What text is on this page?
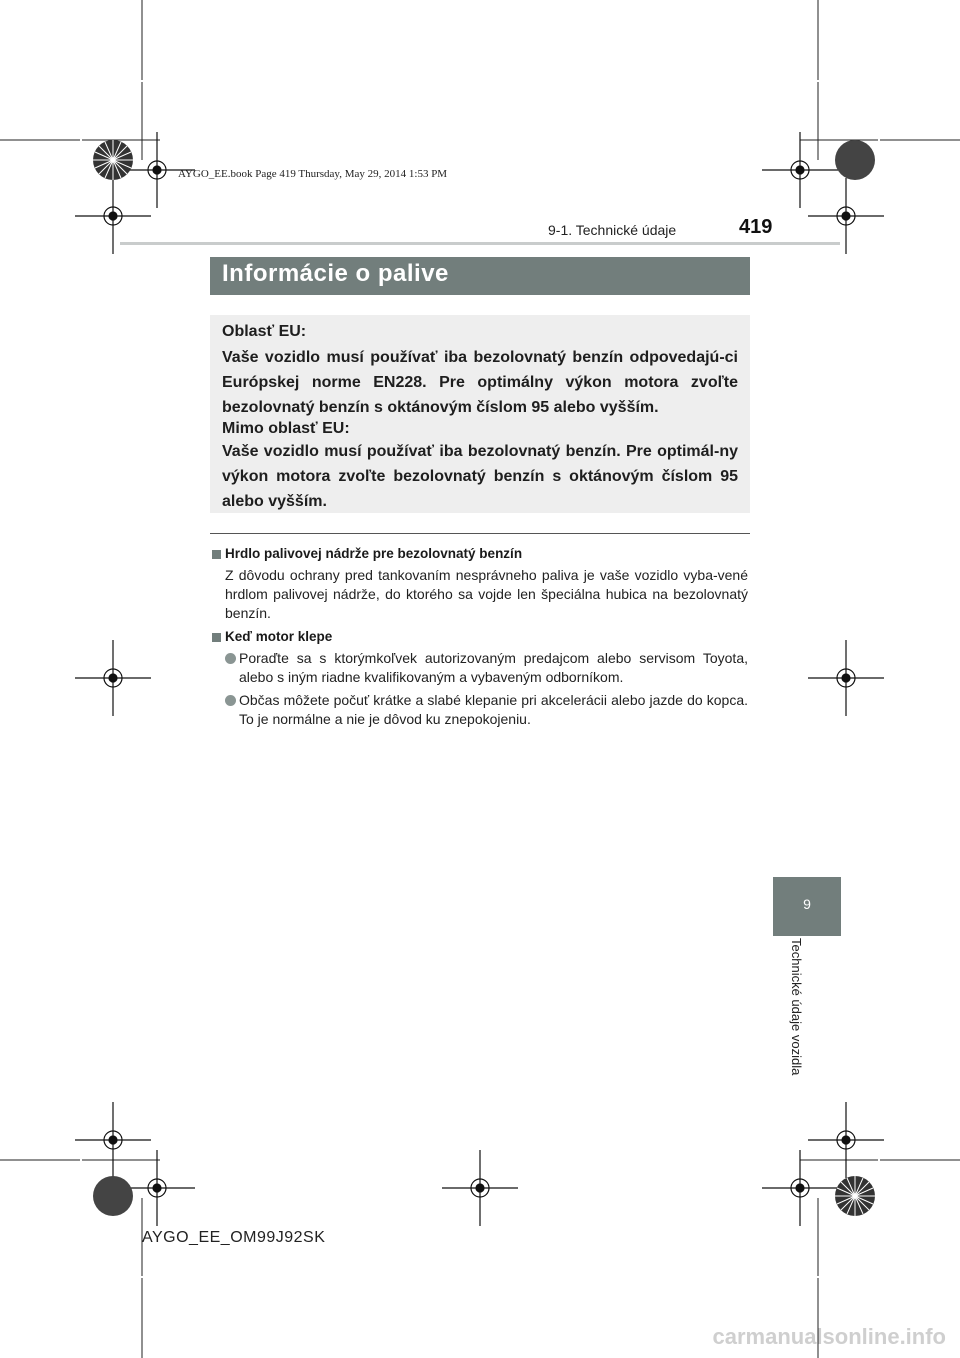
AYGO_EE.book Page 419 Thursday, May 29, 2014 1:53 PM
9-1. Technické údaje	419
Informácie o palive

Oblasť EU:

Vaše vozidlo musí používať iba bezolovnatý benzín odpovedajú-ci Európskej norme EN228. Pre optimálny výkon motora zvoľte bezolovnatý benzín s oktánovým číslom 95 alebo vyšším.

Mimo oblasť EU:

Vaše vozidlo musí používať iba bezolovnatý benzín. Pre optimál-ny výkon motora zvoľte bezolovnatý benzín s oktánovým číslom 95 alebo vyšším.

Hrdlo palivovej nádrže pre bezolovnatý benzín
Z dôvodu ochrany pred tankovaním nesprávneho paliva je vaše vozidlo vyba-vené hrdlom palivovej nádrže, do ktorého sa vojde len špeciálna hubica na bezolovnatý benzín.
Keď motor klepe
Poraďte sa s ktorýmkoľvek autorizovaným predajcom alebo servisom Toyota, alebo s iným riadne kvalifikovaným a vybaveným odborníkom.
Občas môžete počuť krátke a slabé klepanie pri akcelerácii alebo jazde do kopca. To je normálne a nie je dôvod ku znepokojeniu.
9
Technické údaje vozidla
AYGO_EE_OM99J92SK
carmanualsonline.info
